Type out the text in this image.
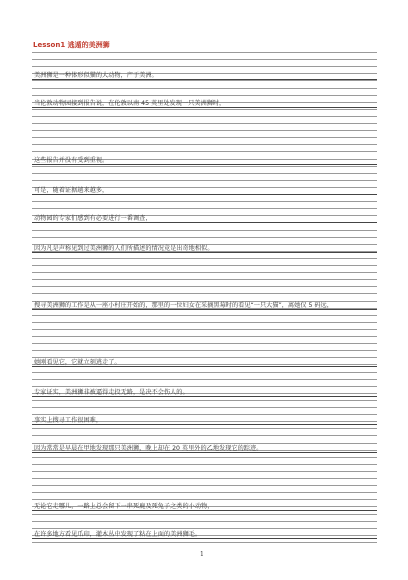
Lesson1 逃遁的美洲狮
美洲狮是一种体形似猫的大动物，产于美洲。
当伦敦动物园接到报告说，在伦敦以南 45 英里处发现一只美洲狮时，
这些报告并没有受到重视。
可是，随着证据越来越多，
动物园的专家们感到有必要进行一番调查，
因为凡是声称见到过美洲狮的人们所描述的情况竟是出奇地相似。
搜寻美洲狮的工作是从一座小村庄开始的，那里的一位妇女在采摘黑莓时的看见“一只大猫”，离她仅 5 码远，
她刚看见它，它就立刻逃走了。
专家证实，美洲狮非被逼得走投无路，是决不会伤人的。
事实上搜寻工作很困难，
因为常常是早晨在甲地发现那只美洲狮，晚上却在 20 英里外的乙地发现它的踪迹。
无论它走哪儿，一路上总会留下一串死鹿及死兔子之类的小动物，
在许多地方看见爪印，灌木丛中发现了粘在上面的美洲狮毛。
1
